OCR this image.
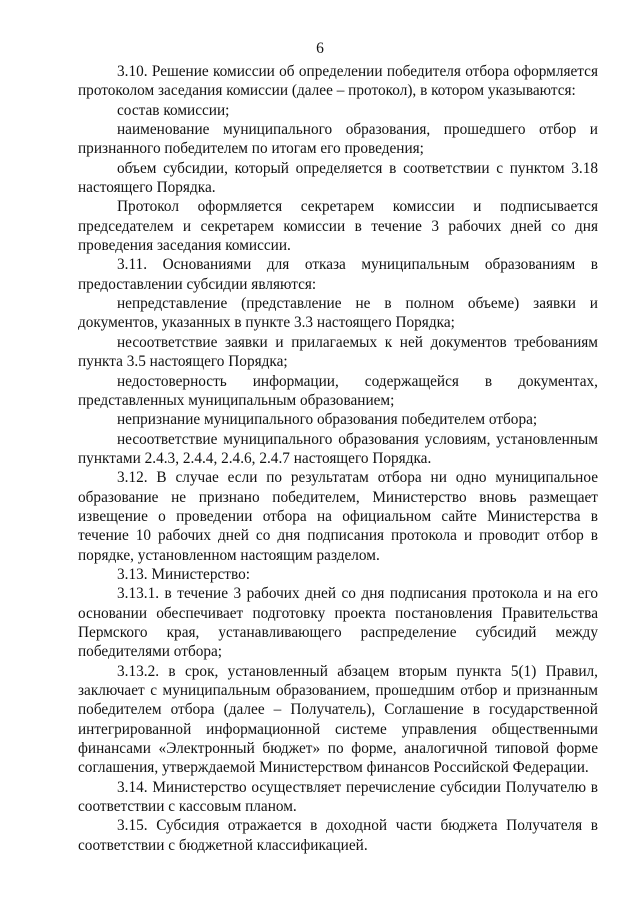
6

3.10. Решение комиссии об определении победителя отбора оформляется протоколом заседания комиссии (далее – протокол), в котором указываются:

состав комиссии;

наименование муниципального образования, прошедшего отбор и признанного победителем по итогам его проведения;

объем субсидии, который определяется в соответствии с пунктом 3.18 настоящего Порядка.

Протокол оформляется секретарем комиссии и подписывается председателем и секретарем комиссии в течение 3 рабочих дней со дня проведения заседания комиссии.

3.11. Основаниями для отказа муниципальным образованиям в предоставлении субсидии являются:

непредставление (представление не в полном объеме) заявки и документов, указанных в пункте 3.3 настоящего Порядка;

несоответствие заявки и прилагаемых к ней документов требованиям пункта 3.5 настоящего Порядка;

недостоверность информации, содержащейся в документах, представленных муниципальным образованием;

непризнание муниципального образования победителем отбора;

несоответствие муниципального образования условиям, установленным пунктами 2.4.3, 2.4.4, 2.4.6, 2.4.7 настоящего Порядка.

3.12. В случае если по результатам отбора ни одно муниципальное образование не признано победителем, Министерство вновь размещает извещение о проведении отбора на официальном сайте Министерства в течение 10 рабочих дней со дня подписания протокола и проводит отбор в порядке, установленном настоящим разделом.

3.13. Министерство:

3.13.1. в течение 3 рабочих дней со дня подписания протокола и на его основании обеспечивает подготовку проекта постановления Правительства Пермского края, устанавливающего распределение субсидий между победителями отбора;

3.13.2. в срок, установленный абзацем вторым пункта 5(1) Правил, заключает с муниципальным образованием, прошедшим отбор и признанным победителем отбора (далее – Получатель), Соглашение в государственной интегрированной информационной системе управления общественными финансами «Электронный бюджет» по форме, аналогичной типовой форме соглашения, утверждаемой Министерством финансов Российской Федерации.

3.14. Министерство осуществляет перечисление субсидии Получателю в соответствии с кассовым планом.

3.15. Субсидия отражается в доходной части бюджета Получателя в соответствии с бюджетной классификацией.
